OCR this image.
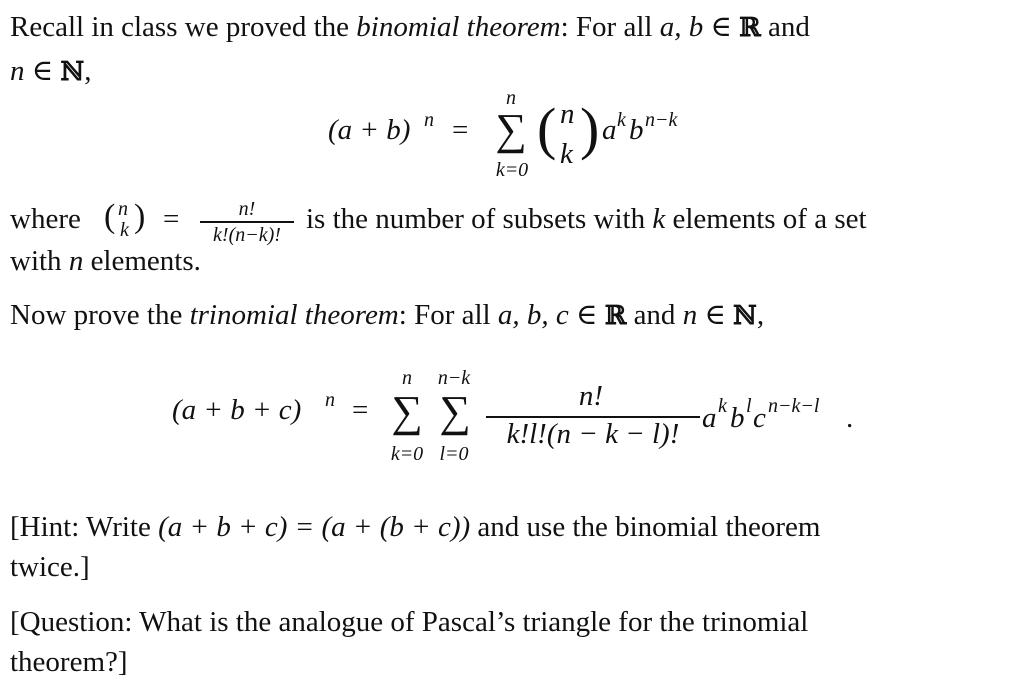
Recall in class we proved the binomial theorem: For all a, b ∈ ℝ and
n ∈ ℕ,
(a + b) n =
n
∑
k=0
( n
k ) a k b n−k
where ( n
k ) =	n!
k!(n−k)! is the number of subsets with k elements of a set
with n elements.
Now prove the trinomial theorem: For all a, b, c ∈ ℝ and n ∈ ℕ,
(a + b + c) n =
n
∑
k=0
n−k
∑
l=0
n!
k!l!(n − k − l)! a k b l c n−k−l .
[Hint: Write (a + b + c) = (a + (b + c)) and use the binomial theorem
twice.]
[Question: What is the analogue of Pascal’s triangle for the trinomial
theorem?]
